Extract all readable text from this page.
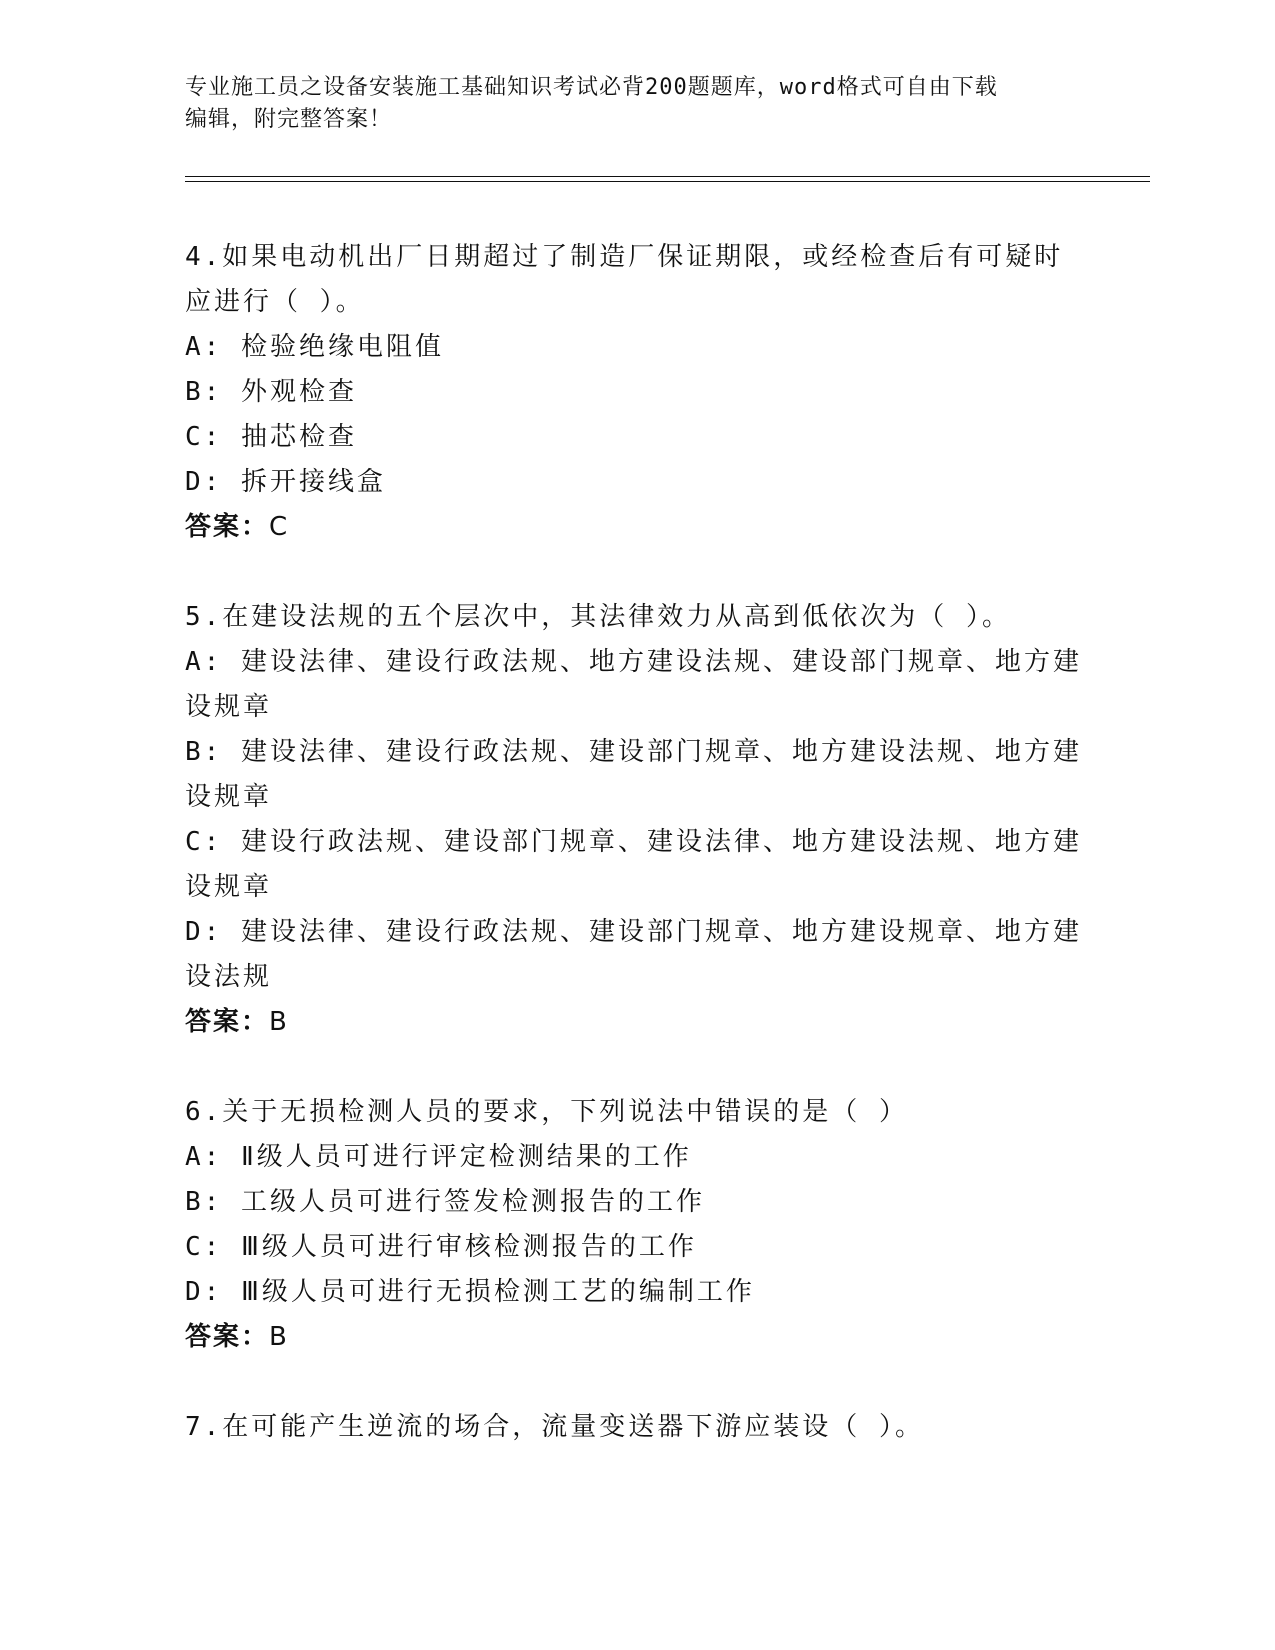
专业施工员之设备安装施工基础知识考试必背200题题库，word格式可自由下载
编辑，附完整答案！

4.如果电动机出厂日期超过了制造厂保证期限，或经检查后有可疑时

应进行（ ）。

A: 检验绝缘电阻值

B: 外观检查

C: 抽芯检查

D: 拆开接线盒

答案：C

5.在建设法规的五个层次中，其法律效力从高到低依次为（ ）。

A: 建设法律、建设行政法规、地方建设法规、建设部门规章、地方建

设规章

B: 建设法律、建设行政法规、建设部门规章、地方建设法规、地方建

设规章

C: 建设行政法规、建设部门规章、建设法律、地方建设法规、地方建

设规章

D: 建设法律、建设行政法规、建设部门规章、地方建设规章、地方建

设法规

答案：B

6.关于无损检测人员的要求，下列说法中错误的是（ ）

A: Ⅱ级人员可进行评定检测结果的工作

B: 工级人员可进行签发检测报告的工作

C: Ⅲ级人员可进行审核检测报告的工作

D: Ⅲ级人员可进行无损检测工艺的编制工作

答案：B

7.在可能产生逆流的场合，流量变送器下游应装设（ ）。
